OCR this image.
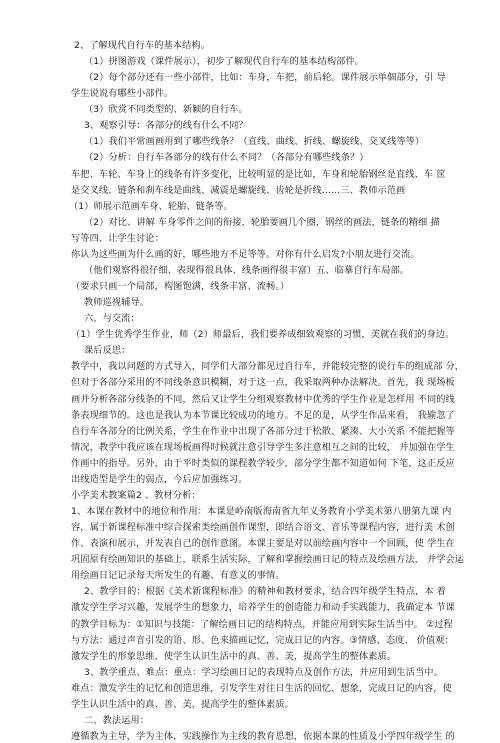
2、了解现代自行车的基本结构。
（1）拼图游戏（课件展示），初步了解现代自行车的基本结构部件。
（2）每个部分还有一些小部件，比如：车身，车把，前后轮。课件展示单個部分，引 导
学生说说有哪些小部件。
（3）欣赏不同类型的、新颖的自行车。
3、观察引导：各部分的线有什么不同？
（1）我们平常画画用到了哪些线条？（直线、曲线、折线、螺旋线、交叉线等等）
（2）分析：自行车各部分的线有什么不同？（各部分有哪些线条？）
车把、车轮、车身上的线条有许多变化，比较明显的是比如，车身和轮胎钢丝是直线、车 筐
是交叉线、链条和刹车线是曲线、减震是螺旋线、齿轮是折线……三、教师示范画
（1）师展示范画车身、轮胎、链条等。
（2）对比、讲解 车身零件之间的衔接，轮胎要画几个圈，钢丝的画法，链条的精细 描
写等四、让学生讨论：
你认为这些画为什么画的好，哪些地方不足等等。对你有什么启发?小朋友进行交流。
（他们观察得很仔细、表现得很具体、线条画得很丰富）五、临摹自行车局部。
（要求只画一个局部，构图饱满，线条丰富、流畅。）
教师巡视辅导。
六、与交流：
（1）学生优秀学生作业，师（2）师最后，我们要养成细致观察的习惯，美就在我们的身边。
课后反思：
教学中，我以问题的方式导入，同学们大部分都见过自行车，并能较完整的说行车的组成部 分，
但对于各部分采用的不同线条意识模糊，对于这一点，我采取两种办法解决。首先，我 现场板
画并分析各部分线条的不同，然后又让学生分组观察教材中优秀的学生作业是怎样用 不同的线
条表现细节的。这也是我认为本节课比较成功的地方。不足的是，从学生作品来看， 我输忽了
自行车各部分的比例关系，学生在作业中出现了各部分过于松散、紧凑、大小关系 不能把握等
情况，教学中我应该在现场板画得时候就注意引导学生多注意相互之间的比较， 并加强在学生
作画中的指导。另外，由于平时类似的课程教学较少，部分学生都不知道如何 下笔，这正反应
出线造型是学生的弱点，今后应加强练习。
小学美术教案篇2 、教材分析：
1、本课在教材中的地位和作用：本课是岭南版海南省九年义务教育小学美术第八册第九课 内
容，属于新课程标准中综合探索类绘画创作课型，即结合语文、音乐等课程内容，进行美 术创
作、表演和展示，并发表自己的创作意图。本课主要是对以前绘画内容中一个回顾，使 学生在
巩固原有绘画知识的基础上，联系生活实际，了解和掌握绘画日记的特点及绘画方法， 并学会运
用绘画日记记录每天所发生的有趣、有意义的事情。
2、教学目的：根据《美术新课程标准》的精神和教材要求，结合四年级学生特点，本 着
激发学生学习兴趣，发展学生的想象力，培养学生的创造能力和动手实践能力，我确定本 节课
的教学目标为：①知识与技能：了解绘画日记的结构特点，并能应用到实际生活当中。 ②过程
与方法：通过声音引发的语、形、色来描画记忆，完成日记的内容。③情感、态度、 价值观：
激发学生的形象思维，使学生认识生活中的真、善、美，提高学生的整体素质。
3、教学重点、难点：重点：学习绘画日记的表现特点及创作方法，并应用到生活当中。
难点：激发学生的记忆和创造思维，引发学生对往日生活的回忆、想象，完成日记的内容，使
学生认识生活中的真、善、美，提高学生的整体素质。
二、教法运用：
遵循教为主导，学为主体，实践操作为主线的教育思想，依据本课的性质及小学四年级学生 的
